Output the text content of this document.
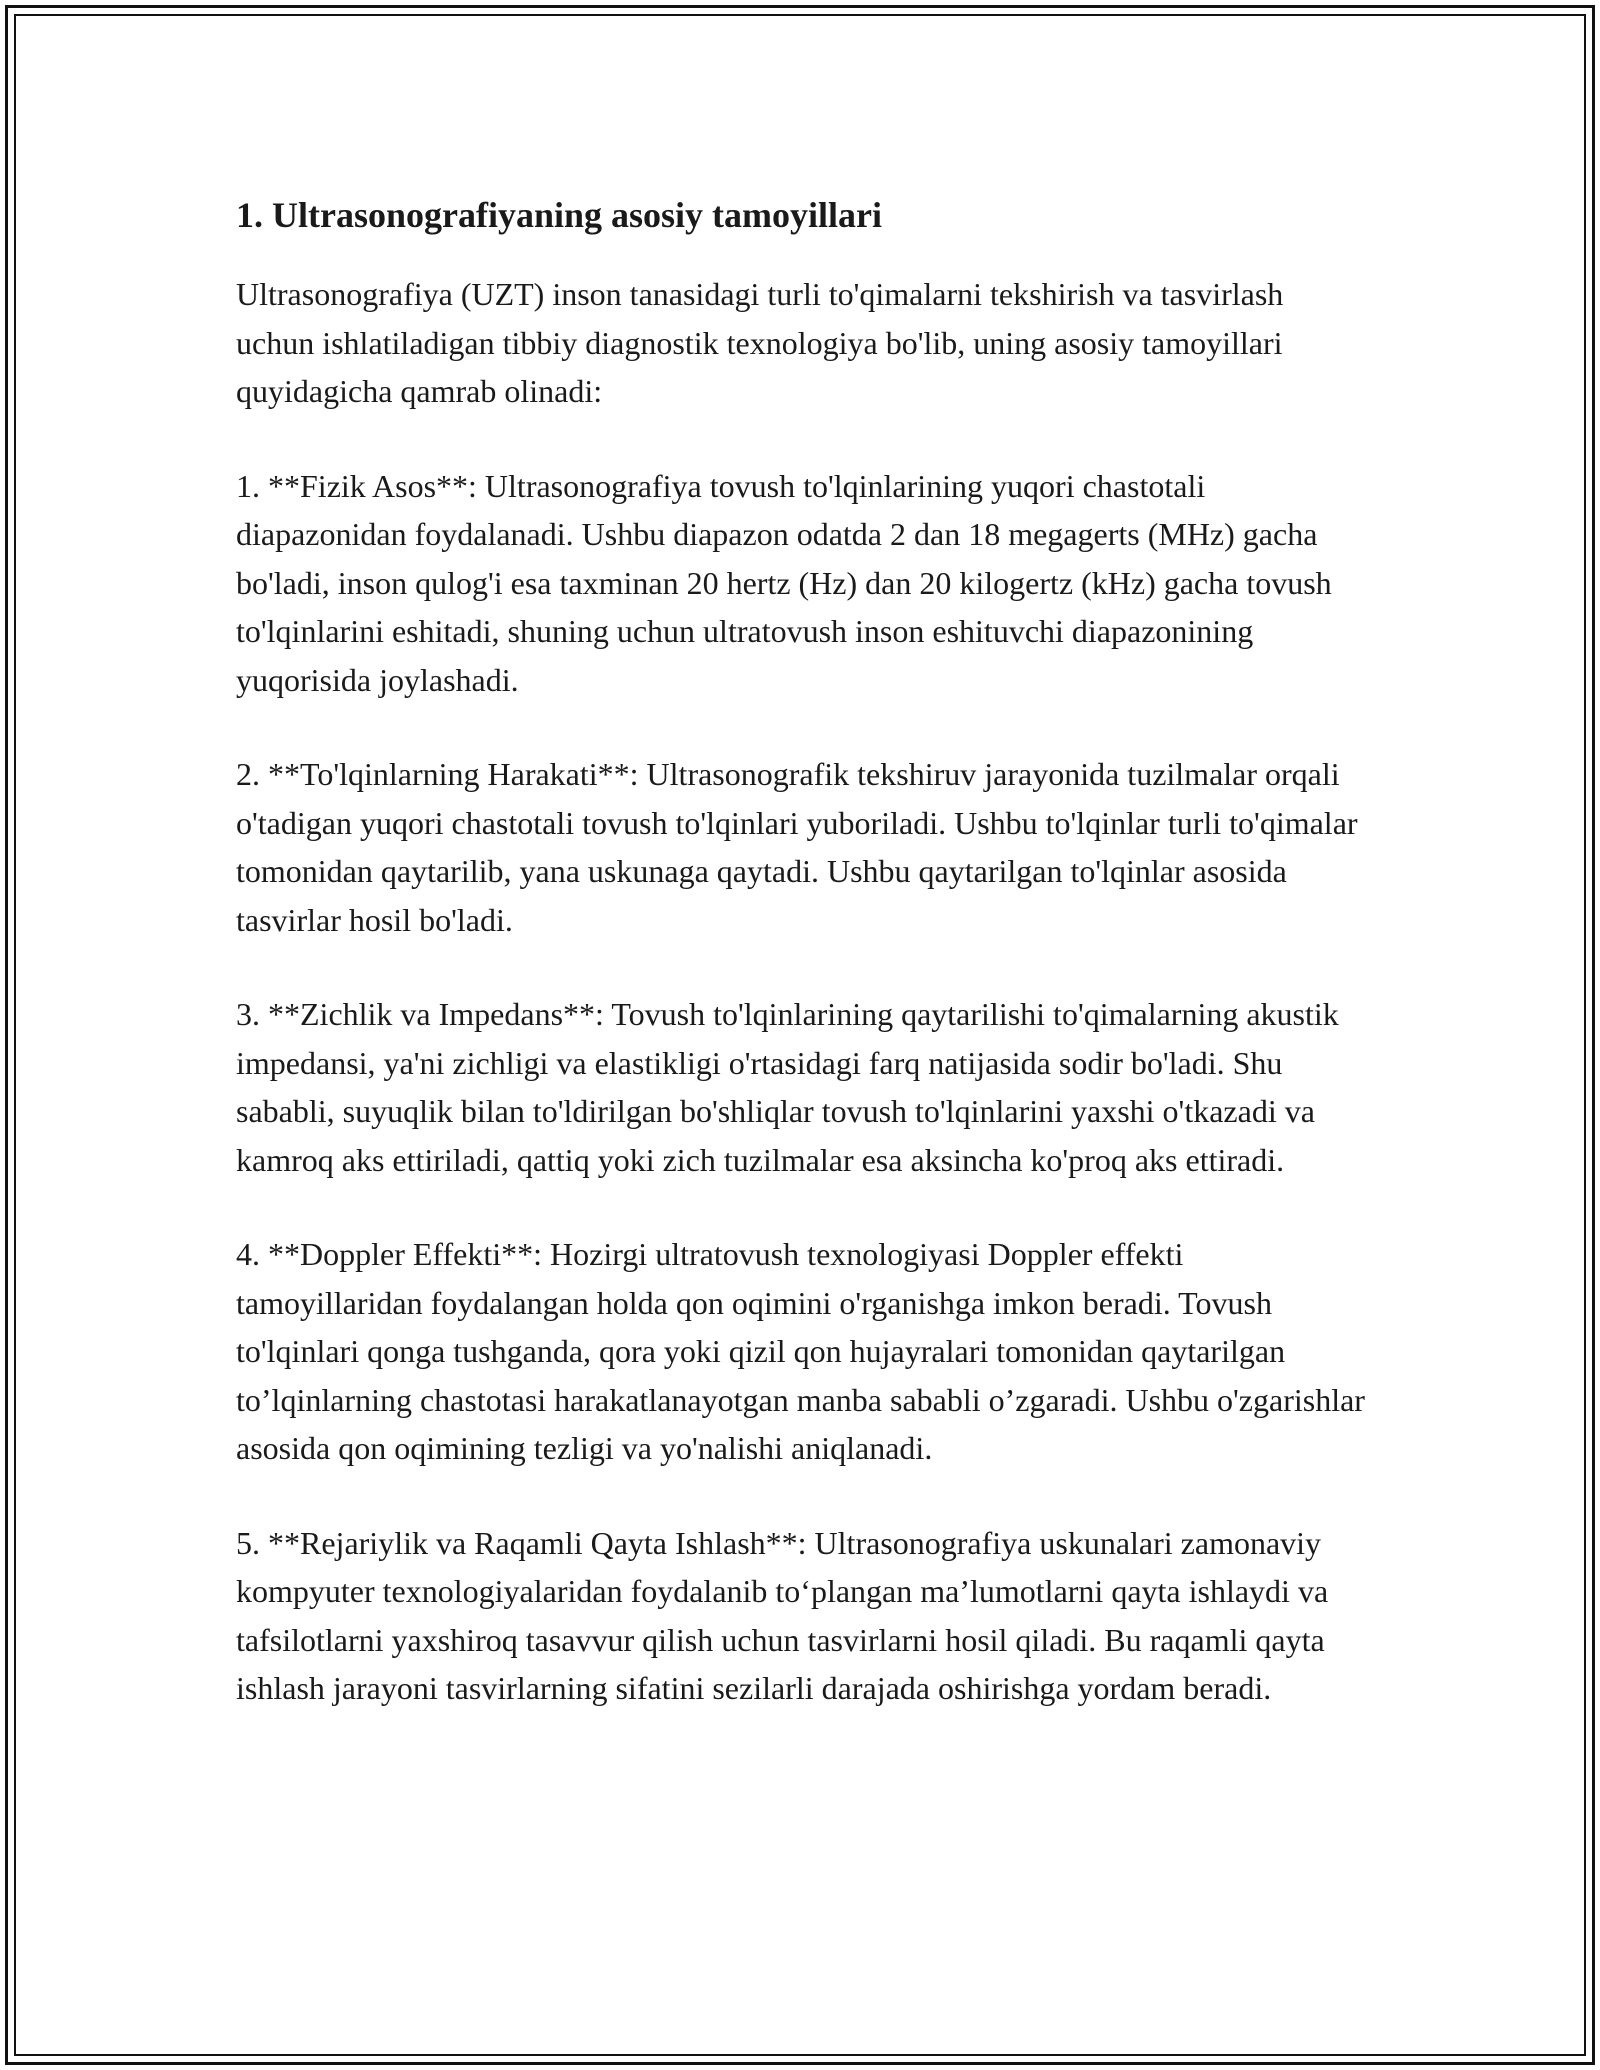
1. Ultrasonografiyaning asosiy tamoyillari

Ultrasonografiya (UZT) inson tanasidagi turli to'qimalarni tekshirish va tasvirlash uchun ishlatiladigan tibbiy diagnostik texnologiya bo'lib, uning asosiy tamoyillari quyidagicha qamrab olinadi:

1. **Fizik Asos**: Ultrasonografiya tovush to'lqinlarining yuqori chastotali diapazonidan foydalanadi. Ushbu diapazon odatda 2 dan 18 megagerts (MHz) gacha bo'ladi, inson qulog'i esa taxminan 20 hertz (Hz) dan 20 kilogertz (kHz) gacha tovush to'lqinlarini eshitadi, shuning uchun ultratovush inson eshituvchi diapazonining yuqorisida joylashadi.

2. **To'lqinlarning Harakati**: Ultrasonografik tekshiruv jarayonida tuzilmalar orqali o'tadigan yuqori chastotali tovush to'lqinlari yuboriladi. Ushbu to'lqinlar turli to'qimalar tomonidan qaytarilib, yana uskunaga qaytadi. Ushbu qaytarilgan to'lqinlar asosida tasvirlar hosil bo'ladi.

3. **Zichlik va Impedans**: Tovush to'lqinlarining qaytarilishi to'qimalarning akustik impedansi, ya'ni zichligi va elastikligi o'rtasidagi farq natijasida sodir bo'ladi. Shu sababli, suyuqlik bilan to'ldirilgan bo'shliqlar tovush to'lqinlarini yaxshi o'tkazadi va kamroq aks ettiriladi, qattiq yoki zich tuzilmalar esa aksincha ko'proq aks ettiradi.

4. **Doppler Effekti**: Hozirgi ultratovush texnologiyasi Doppler effekti tamoyillaridan foydalangan holda qon oqimini o'rganishga imkon beradi. Tovush to'lqinlari qonga tushganda, qora yoki qizil qon hujayralari tomonidan qaytarilgan to’lqinlarning chastotasi harakatlanayotgan manba sababli o’zgaradi. Ushbu o'zgarishlar asosida qon oqimining tezligi va yo'nalishi aniqlanadi.

5. **Rejariylik va Raqamli Qayta Ishlash**: Ultrasonografiya uskunalari zamonaviy kompyuter texnologiyalaridan foydalanib to‘plangan ma’lumotlarni qayta ishlaydi va tafsilotlarni yaxshiroq tasavvur qilish uchun tasvirlarni hosil qiladi. Bu raqamli qayta ishlash jarayoni tasvirlarning sifatini sezilarli darajada oshirishga yordam beradi.
